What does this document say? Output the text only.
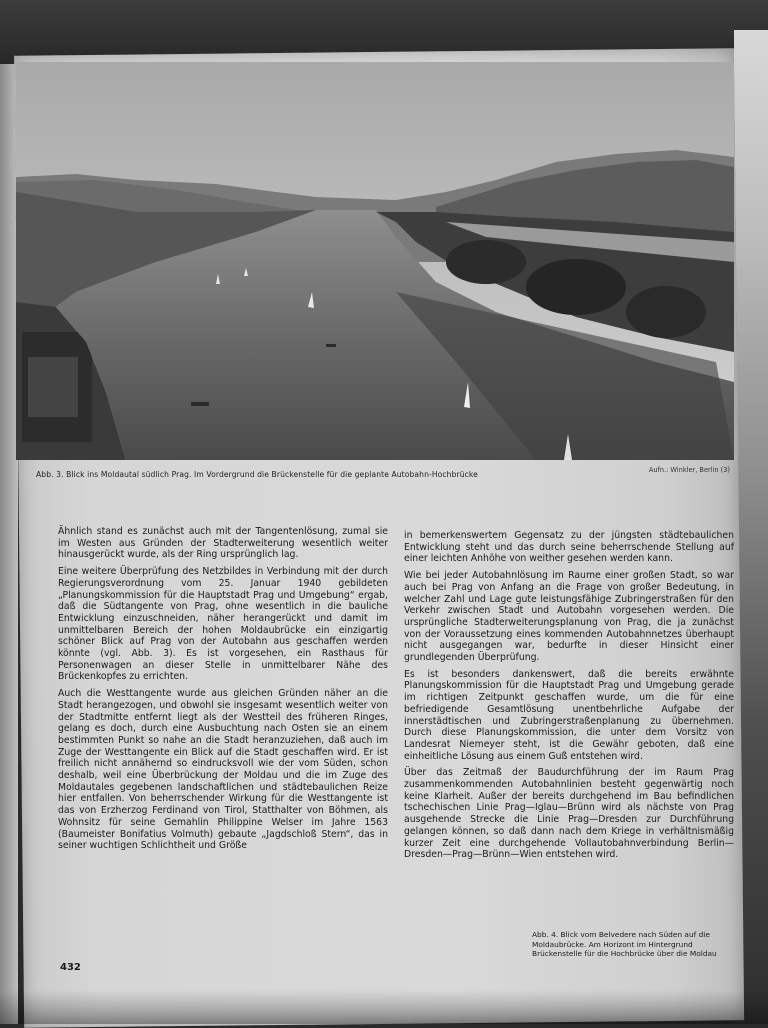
Abb. 3. Blick ins Moldautal südlich Prag. Im Vordergrund die Brückenstelle für die geplante Autobahn-Hochbrücke	Aufn.: Winkler, Berlin (3)

Ähnlich stand es zunächst auch mit der Tangentenlösung, zumal sie im Westen aus Gründen der Stadterweiterung wesentlich weiter hinausgerückt wurde, als der Ring ursprünglich lag.

Eine weitere Überprüfung des Netzbildes in Verbindung mit der durch Regierungsverordnung vom 25. Januar 1940 gebildeten „Planungskommission für die Hauptstadt Prag und Umgebung“ ergab, daß die Südtangente von Prag, ohne wesentlich in die bauliche Entwicklung einzuschneiden, näher herangerückt und damit im unmittelbaren Bereich der hohen Moldaubrücke ein einzigartig schöner Blick auf Prag von der Autobahn aus geschaffen werden könnte (vgl. Abb. 3). Es ist vorgesehen, ein Rasthaus für Personenwagen an dieser Stelle in unmittelbarer Nähe des Brückenkopfes zu errichten.

Auch die Westtangente wurde aus gleichen Gründen näher an die Stadt herangezogen, und obwohl sie insgesamt wesentlich weiter von der Stadtmitte entfernt liegt als der Westteil des früheren Ringes, gelang es doch, durch eine Ausbuchtung nach Osten sie an einem bestimmten Punkt so nahe an die Stadt heranzuziehen, daß auch im Zuge der Westtangente ein Blick auf die Stadt geschaffen wird. Er ist freilich nicht annähernd so eindrucksvoll wie der vom Süden, schon deshalb, weil eine Überbrückung der Moldau und die im Zuge des Moldautales gegebenen landschaftlichen und städtebaulichen Reize hier entfallen. Von beherrschender Wirkung für die Westtangente ist das von Erzherzog Ferdinand von Tirol, Statthalter von Böhmen, als Wohnsitz für seine Gemahlin Philippine Welser im Jahre 1563 (Baumeister Bonifatius Volmuth) gebaute „Jagdschloß Stern“, das in seiner wuchtigen Schlichtheit und Größe

in bemerkenswertem Gegensatz zu der jüngsten städtebaulichen Entwicklung steht und das durch seine beherrschende Stellung auf einer leichten Anhöhe von weither gesehen werden kann.

Wie bei jeder Autobahnlösung im Raume einer großen Stadt, so war auch bei Prag von Anfang an die Frage von großer Bedeutung, in welcher Zahl und Lage gute leistungsfähige Zubringerstraßen für den Verkehr zwischen Stadt und Autobahn vorgesehen werden. Die ursprüngliche Stadterweiterungsplanung von Prag, die ja zunächst von der Voraussetzung eines kommenden Autobahnnetzes überhaupt nicht ausgegangen war, bedurfte in dieser Hinsicht einer grundlegenden Überprüfung.

Es ist besonders dankenswert, daß die bereits erwähnte Planungskommission für die Hauptstadt Prag und Umgebung gerade im richtigen Zeitpunkt geschaffen wurde, um die für eine befriedigende Gesamtlösung unentbehrliche Aufgabe der innerstädtischen und Zubringerstraßenplanung zu übernehmen. Durch diese Planungskommission, die unter dem Vorsitz von Landesrat Niemeyer steht, ist die Gewähr geboten, daß eine einheitliche Lösung aus einem Guß entstehen wird.

Über das Zeitmaß der Baudurchführung der im Raum Prag zusammenkommenden Autobahnlinien besteht gegenwärtig noch keine Klarheit. Außer der bereits durchgehend im Bau befindlichen tschechischen Linie Prag—Iglau—Brünn wird als nächste von Prag ausgehende Strecke die Linie Prag—Dresden zur Durchführung gelangen können, so daß dann nach dem Kriege in verhältnismäßig kurzer Zeit eine durchgehende Vollautobahnverbindung Berlin—Dresden—Prag—Brünn—Wien entstehen wird.

Abb. 4. Blick vom Belvedere nach Süden auf die Moldaubrücke. Am Horizont im Hintergrund Brückenstelle für die Hochbrücke über die Moldau
432
